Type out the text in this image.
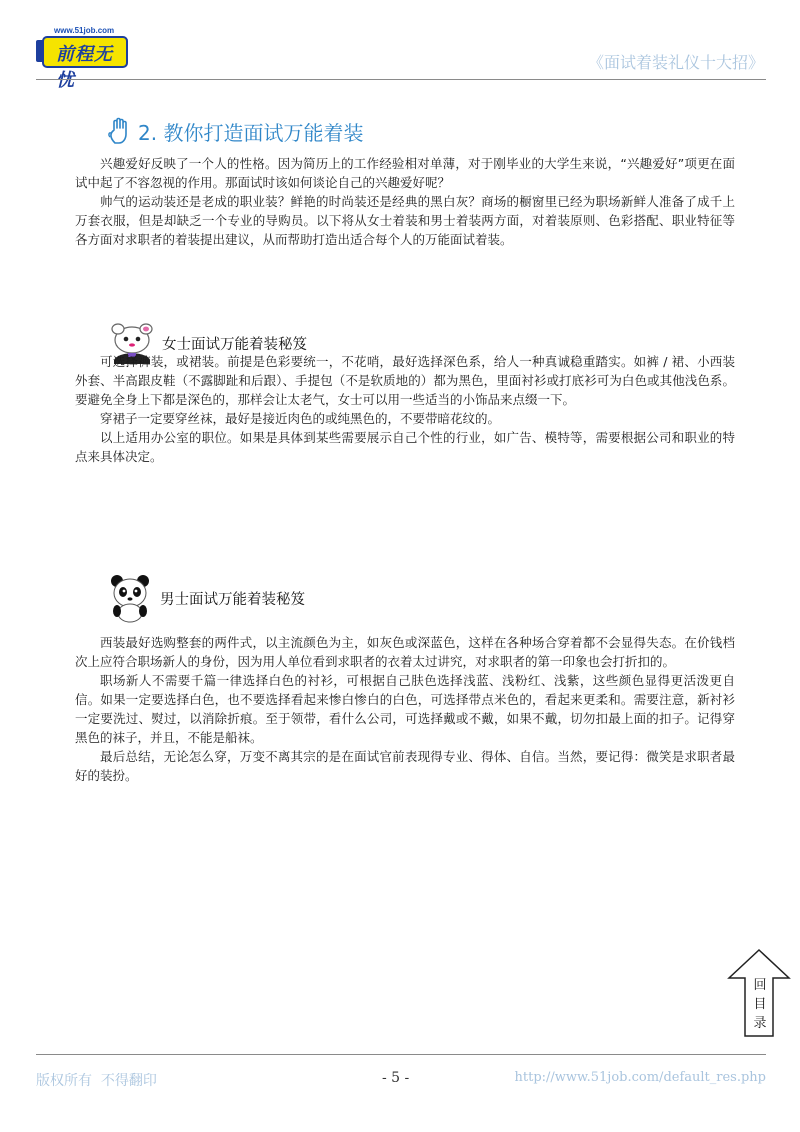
www.51job.com
前程无忧
《面试着装礼仪十大招》
2. 教你打造面试万能着装

兴趣爱好反映了一个人的性格。因为简历上的工作经验相对单薄，对于刚毕业的大学生来说，“兴趣爱好”项更在面试中起了不容忽视的作用。那面试时该如何谈论自己的兴趣爱好呢？

帅气的运动装还是老成的职业装？鲜艳的时尚装还是经典的黑白灰？商场的橱窗里已经为职场新鲜人准备了成千上万套衣服，但是却缺乏一个专业的导购员。以下将从女士着装和男士着装两方面，对着装原则、色彩搭配、职业特征等各方面对求职者的着装提出建议，从而帮助打造出适合每个人的万能面试着装。

女士面试万能着装秘笈

可选择裤装，或裙装。前提是色彩要统一，不花哨，最好选择深色系，给人一种真诚稳重踏实。如裤 / 裙、小西装外套、半高跟皮鞋（不露脚趾和后跟）、手提包（不是软质地的）都为黑色，里面衬衫或打底衫可为白色或其他浅色系。要避免全身上下都是深色的，那样会让太老气，女士可以用一些适当的小饰品来点缀一下。

穿裙子一定要穿丝袜，最好是接近肉色的或纯黑色的，不要带暗花纹的。

以上适用办公室的职位。如果是具体到某些需要展示自己个性的行业，如广告、模特等，需要根据公司和职业的特点来具体决定。

男士面试万能着装秘笈

西装最好选购整套的两件式，以主流颜色为主，如灰色或深蓝色，这样在各种场合穿着都不会显得失态。在价钱档次上应符合职场新人的身份，因为用人单位看到求职者的衣着太过讲究，对求职者的第一印象也会打折扣的。

职场新人不需要千篇一律选择白色的衬衫，可根据自己肤色选择浅蓝、浅粉红、浅紫，这些颜色显得更活泼更自信。如果一定要选择白色，也不要选择看起来惨白惨白的白色，可选择带点米色的，看起来更柔和。需要注意，新衬衫一定要洗过、熨过，以消除折痕。至于领带，看什么公司，可选择戴或不戴，如果不戴，切勿扣最上面的扣子。记得穿黑色的袜子，并且，不能是船袜。

最后总结，无论怎么穿，万变不离其宗的是在面试官前表现得专业、得体、自信。当然，要记得：微笑是求职者最好的装扮。

回
目
录
版权所有  不得翻印	- 5 -	http://www.51job.com/default_res.php
